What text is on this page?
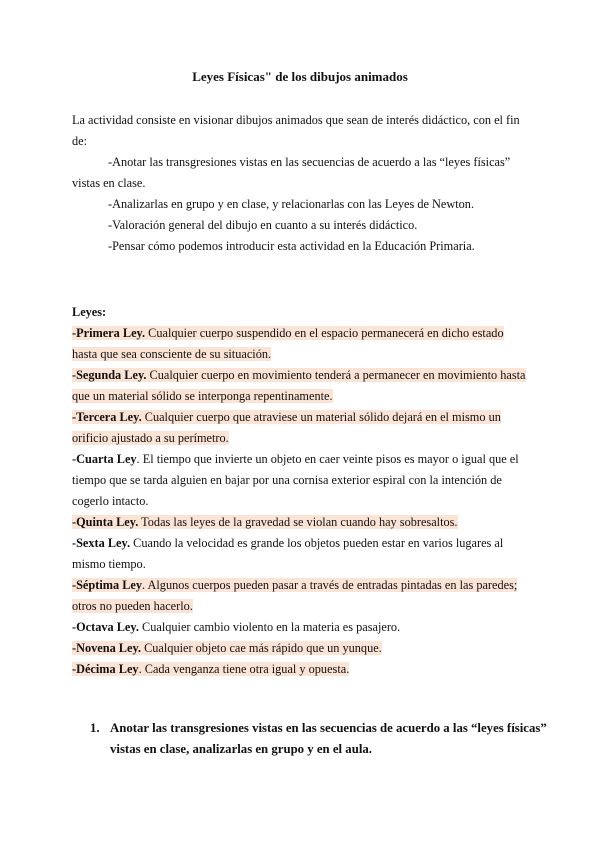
Leyes Físicas" de los dibujos animados

La actividad consiste en visionar dibujos animados que sean de interés didáctico, con el fin de:

-Anotar las transgresiones vistas en las secuencias de acuerdo a las “leyes físicas” vistas en clase.

-Analizarlas en grupo y en clase, y relacionarlas con las Leyes de Newton.

-Valoración general del dibujo en cuanto a su interés didáctico.

-Pensar cómo podemos introducir esta actividad en la Educación Primaria.

Leyes:

-Primera Ley. Cualquier cuerpo suspendido en el espacio permanecerá en dicho estado hasta que sea consciente de su situación.

-Segunda Ley. Cualquier cuerpo en movimiento tenderá a permanecer en movimiento hasta que un material sólido se interponga repentinamente.

-Tercera Ley. Cualquier cuerpo que atraviese un material sólido dejará en el mismo un orificio ajustado a su perímetro.

-Cuarta Ley. El tiempo que invierte un objeto en caer veinte pisos es mayor o igual que el tiempo que se tarda alguien en bajar por una cornisa exterior espiral con la intención de cogerlo intacto.

-Quinta Ley. Todas las leyes de la gravedad se violan cuando hay sobresaltos.

-Sexta Ley. Cuando la velocidad es grande los objetos pueden estar en varios lugares al mismo tiempo.

-Séptima Ley. Algunos cuerpos pueden pasar a través de entradas pintadas en las paredes; otros no pueden hacerlo.

-Octava Ley. Cualquier cambio violento en la materia es pasajero.

-Novena Ley. Cualquier objeto cae más rápido que un yunque.

-Décima Ley. Cada venganza tiene otra igual y opuesta.

1. Anotar las transgresiones vistas en las secuencias de acuerdo a las “leyes físicas” vistas en clase, analizarlas en grupo y en el aula.
